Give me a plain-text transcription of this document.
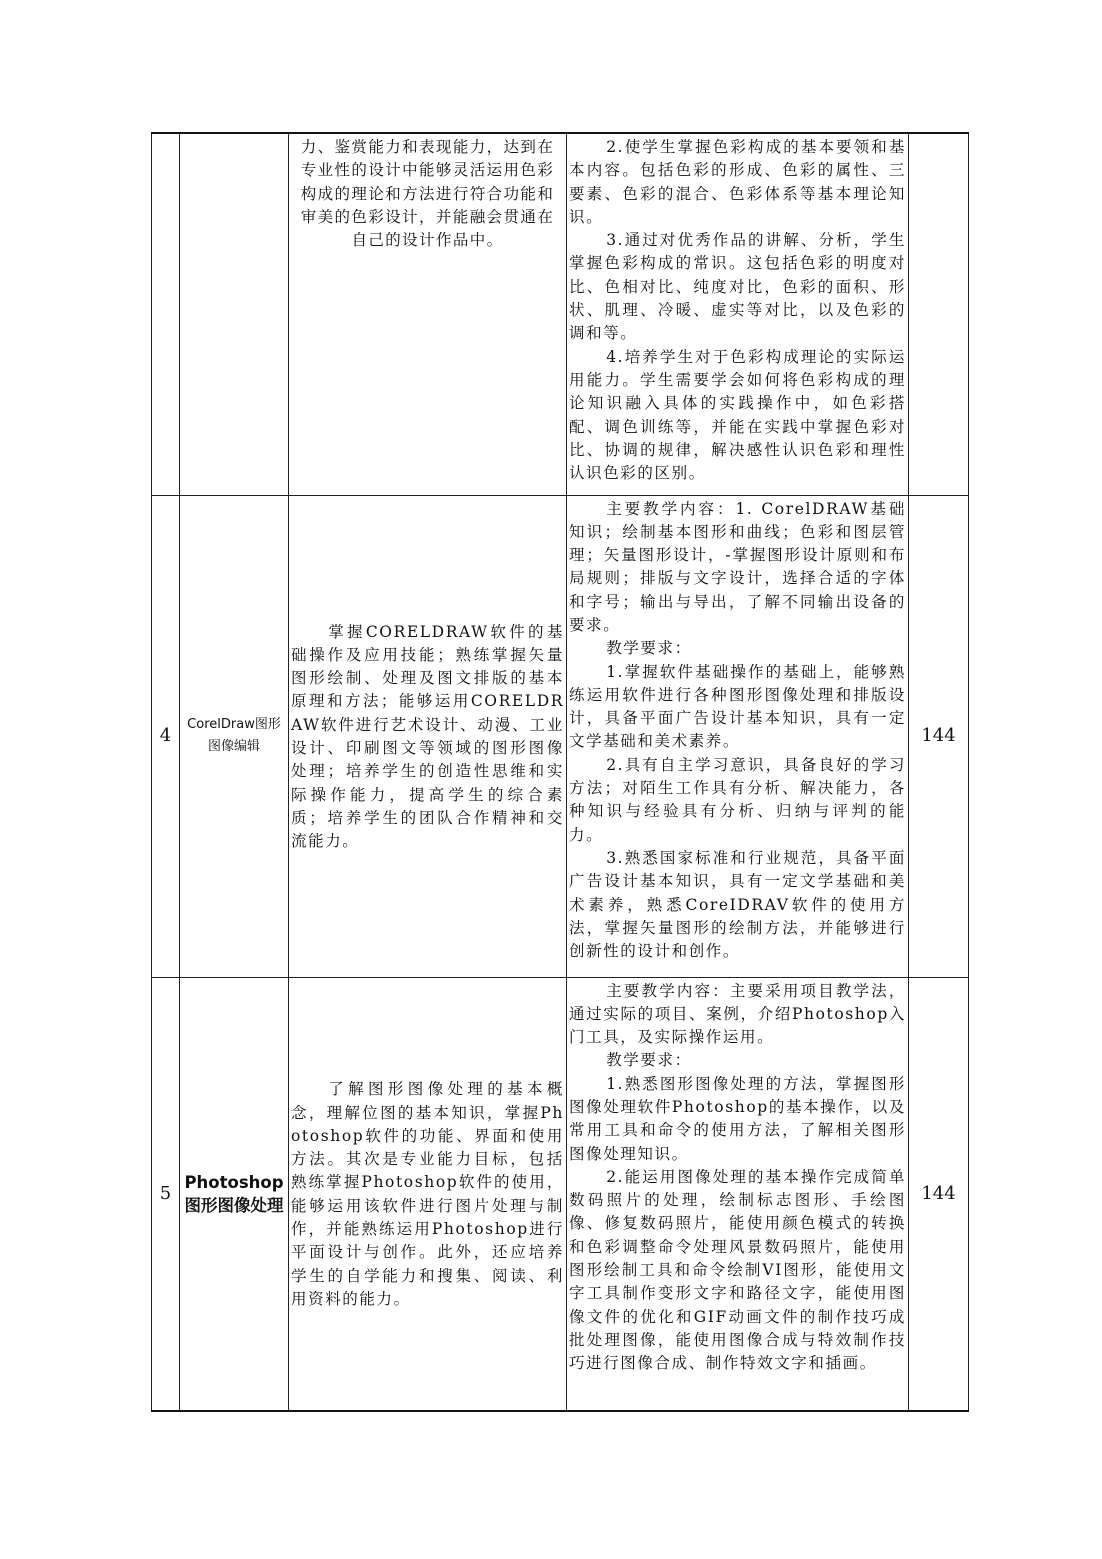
		力、鉴赏能力和表现能力，达到在专业性的设计中能够灵活运用色彩构成的理论和方法进行符合功能和审美的色彩设计，并能融会贯通在自己的设计作品中。	2.使学生掌握色彩构成的基本要领和基本内容。包括色彩的形成、色彩的属性、三要素、色彩的混合、色彩体系等基本理论知识。

3.通过对优秀作品的讲解、分析，学生掌握色彩构成的常识。这包括色彩的明度对比、色相对比、纯度对比，色彩的面积、形状、肌理、冷暖、虚实等对比，以及色彩的调和等。

4.培养学生对于色彩构成理论的实际运用能力。学生需要学会如何将色彩构成的理论知识融入具体的实践操作中，如色彩搭配、调色训练等，并能在实践中掌握色彩对比、协调的规律，解决感性认识色彩和理性认识色彩的区别。	

4	CorelDraw图形图像编辑	掌握CORELDRAW软件的基础操作及应用技能；熟练掌握矢量图形绘制、处理及图文排版的基本原理和方法；能够运用CORELDRAW软件进行艺术设计、动漫、工业设计、印刷图文等领域的图形图像处理；培养学生的创造性思维和实际操作能力，提高学生的综合素质；培养学生的团队合作精神和交流能力。	主要教学内容：1. CorelDRAW基础知识；绘制基本图形和曲线；色彩和图层管理；矢量图形设计，-掌握图形设计原则和布局规则；排版与文字设计，选择合适的字体和字号；输出与导出，了解不同输出设备的要求。

教学要求：

1.掌握软件基础操作的基础上，能够熟练运用软件进行各种图形图像处理和排版设计，具备平面广告设计基本知识，具有一定文学基础和美术素养。

2.具有自主学习意识，具备良好的学习方法；对陌生工作具有分析、解决能力，各种知识与经验具有分析、归纳与评判的能力。

3.熟悉国家标准和行业规范，具备平面广告设计基本知识，具有一定文学基础和美术素养，熟悉CoreIDRAV软件的使用方法，掌握矢量图形的绘制方法，并能够进行创新性的设计和创作。	144
5	Photoshop图形图像处理	了解图形图像处理的基本概念，理解位图的基本知识，掌握Photoshop软件的功能、界面和使用方法。其次是专业能力目标，包括熟练掌握Photoshop软件的使用，能够运用该软件进行图片处理与制作，并能熟练运用Photoshop进行平面设计与创作。此外，还应培养学生的自学能力和搜集、阅读、利用资料的能力。	主要教学内容：主要采用项目教学法，通过实际的项目、案例，介绍Photoshop入门工具，及实际操作运用。

教学要求：

1.熟悉图形图像处理的方法，掌握图形图像处理软件Photoshop的基本操作，以及常用工具和命令的使用方法，了解相关图形图像处理知识。

2.能运用图像处理的基本操作完成简单数码照片的处理，绘制标志图形、手绘图像、修复数码照片，能使用颜色模式的转换和色彩调整命令处理风景数码照片，能使用图形绘制工具和命令绘制VI图形，能使用文字工具制作变形文字和路径文字，能使用图像文件的优化和GIF动画文件的制作技巧成批处理图像，能使用图像合成与特效制作技巧进行图像合成、制作特效文字和插画。	144
